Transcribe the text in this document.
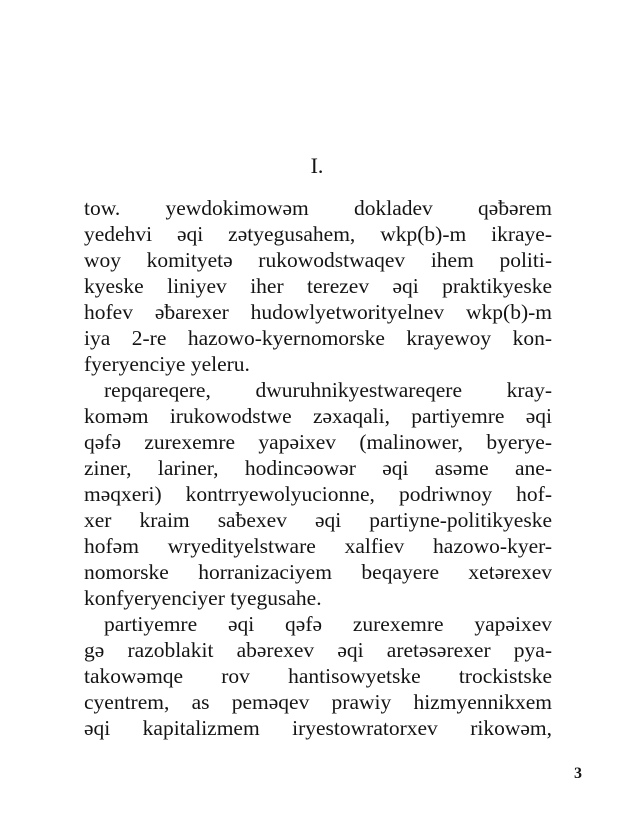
I.
tow. yewdokimowəm dokladev qəƀərem
yedehvi əqi zətyegusahem, wkp(b)-m ikraye-
woy komityetə rukowodstwaqev ihem politi-
kyeske liniyev iher terezev əqi praktikyeske
hofev əƀarexer hudowlyetworityelnev wkp(b)-m
iya 2-re hazowo-kyernomorske krayewoy kon-
fyeryenciye yeleru.
repqareqere, dwuruhnikyestwareqere kray-
koməm irukowodstwe zəxaqali, partiyemre əqi
qəfə zurexemre yapəixev (malinower, byerye-
ziner, lariner, hodincəowər əqi asəme ane-
məqxeri) kontrryewolyucionne, podriwnoy hof-
xer kraim saƀexev əqi partiyne-politikyeske
hofəm wryedityelstware xalfiev hazowo-kyer-
nomorske horranizaciyem beqayere xetərexev
konfyeryenciyer tyegusahe.
partiyemre əqi qəfə zurexemre yapəixev
gə razoblakit abərexev əqi aretəsərexer pya-
takowəmqe rov hantisowyetske trockistske
cyentrem, as peməqev prawiy hizmyennikxem
əqi kapitalizmem iryestowratorxev rikowəm,
3
